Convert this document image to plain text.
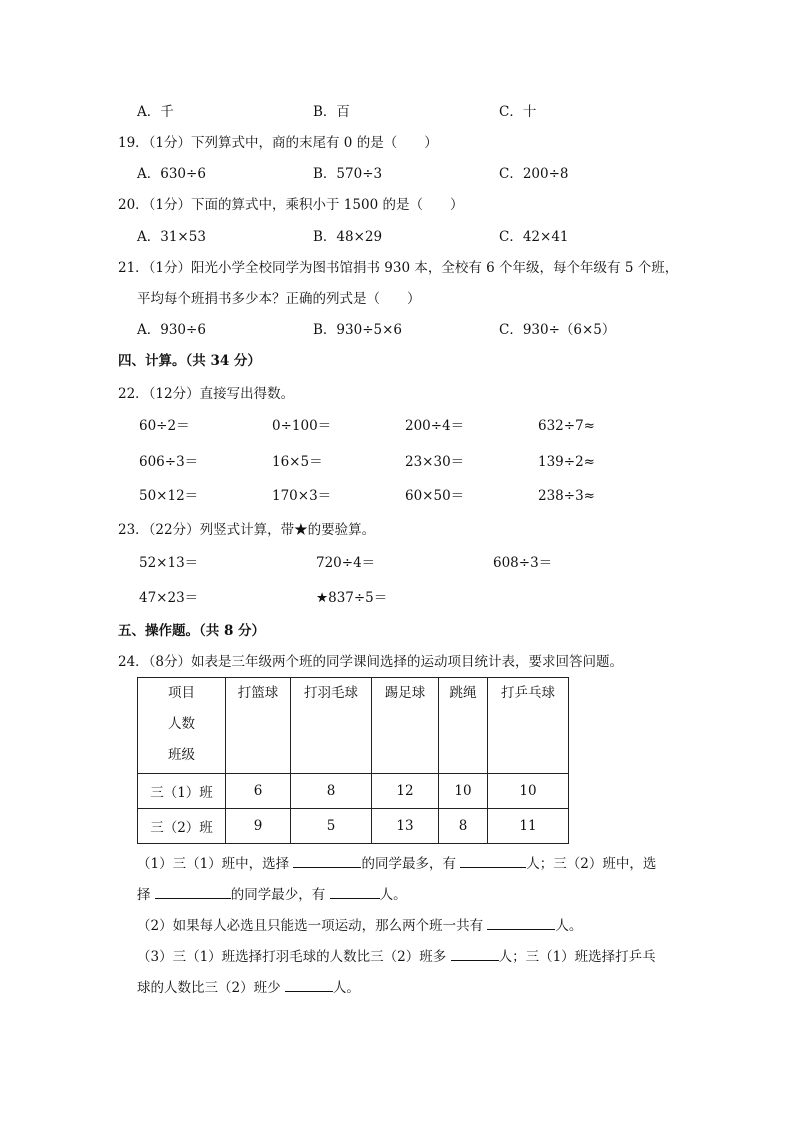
A．千	B．百	C．十
19．（1分）下列算式中，商的末尾有 0 的是（　　）
A．630÷6	B．570÷3	C．200÷8
20．（1分）下面的算式中，乘积小于 1500 的是（　　）
A．31×53	B．48×29	C．42×41
21．（1分）阳光小学全校同学为图书馆捐书 930 本，全校有 6 个年级，每个年级有 5 个班，
平均每个班捐书多少本？正确的列式是（　　）
A．930÷6	B．930÷5×6	C．930÷（6×5）
四、计算。（共 34 分）
22．（12分）直接写出得数。
60÷2＝	0÷100＝	200÷4＝	632÷7≈
606÷3＝	16×5＝	23×30＝	139÷2≈
50×12＝	170×3＝	60×50＝	238÷3≈
23．（22分）列竖式计算，带★的要验算。
52×13＝	720÷4＝	608÷3＝
47×23＝	★837÷5＝
五、操作题。（共 8 分）
24．（8分）如表是三年级两个班的同学课间选择的运动项目统计表，要求回答问题。
项目
人数
班级	打篮球	打羽毛球	踢足球	跳绳	打乒乓球

三（1）班	6	8	12	10	10
三（2）班	9	5	13	8	11
（1）三（1）班中，选择	的同学最多，有	人；三（2）班中，选
择	的同学最少，有	人。
（2）如果每人必选且只能选一项运动，那么两个班一共有	人。
（3）三（1）班选择打羽毛球的人数比三（2）班多	人；三（1）班选择打乒乓
球的人数比三（2）班少	人。
